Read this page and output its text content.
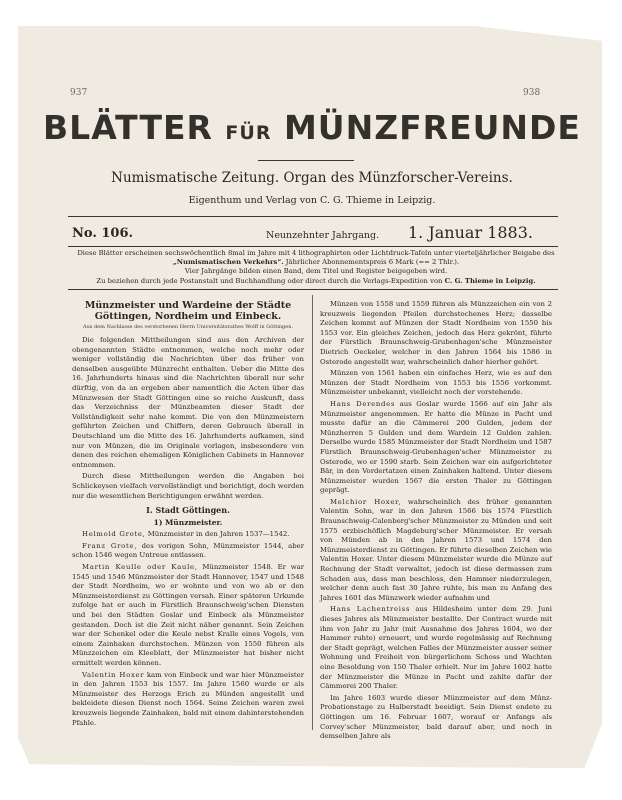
937	938
BLÄTTER FÜR MÜNZFREUNDE
Numismatische Zeitung. Organ des Münzforscher-Vereins.
Eigenthum und Verlag von C. G. Thieme in Leipzig.
No. 106.	Neunzehnter Jahrgang. 1. Januar 1883.

Diese Blätter erscheinen sechswöchentlich 8mal im Jahre mit 4 lithographirten oder Lichtdruck-Tafeln unter vierteljährlicher Beigabe des

„Numismatischen Verkehrs“. Jährlicher Abonnementspreis 6 Mark (== 2 Thlr.).

Vier Jahrgänge bilden einen Band, dem Titel und Register beigegeben wird.

Zu beziehen durch jede Postanstalt und Buchhandlung oder direct durch die Verlags-Expedition von C. G. Thieme in Leipzig.

Münzmeister und Wardeine der Städte Göttingen, Nordheim und Einbeck.
Aus dem Nachlasse des verstorbenen Herrn Universitätsrathes Wolff in Göttingen.

Die folgenden Mittheilungen sind aus den Archiven der obengenannten Städte entnommen, welche noch mehr oder weniger vollständig die Nachrichten über das früher von denselben ausgeübte Münzrecht enthalten. Ueber die Mitte des 16. Jahrhunderts hinaus sind die Nachrichten überall nur sehr dürftig, von da an ergeben aber namentlich die Acten über das Münzwesen der Stadt Göttingen eine so reiche Auskunft, dass das Verzeichniss der Münzbeamten dieser Stadt der Vollständigkeit sehr nahe kommt. Die von den Münzmeistern geführten Zeichen und Chiffern, deren Gebrauch überall in Deutschland um die Mitte des 16. Jahrhunderts aufkamen, sind nur von Münzen, die im Originale vorlagen, insbesondere von denen des reichen ehemaligen Königlichen Cabinets in Hannover entnommen.

Durch diese Mittheilungen werden die Angaben bei Schlickeysen vielfach vervollständigt und berichtigt, doch werden nur die wesentlichen Berichtigungen erwähnt werden.

I. Stadt Göttingen.
1) Münzmeister.

Helmold Grote, Münzmeister in den Jahren 1537—1542.

Franz Grote, des vorigen Sohn, Münzmeister 1544, aber schon 1546 wegen Untreue entlassen.

Martin Keulle oder Kaule, Münzmeister 1548. Er war 1545 und 1546 Münzmeister der Stadt Hannover, 1547 und 1548 der Stadt Nordheim, wo er wohnte und von wo ab er den Münzmeisterdienst zu Göttingen versah. Einer späteren Urkunde zufolge hat er auch in Fürstlich Braunschweig'schen Diensten und bei den Städten Goslar und Einbeck als Münzmeister gestanden. Doch ist die Zeit nicht näher genannt. Sein Zeichen war der Schenkel oder die Keule nebst Kralle eines Vogels, von einem Zainhaken durchstochen. Münzen von 1550 führen als Münzzeichen ein Kleeblatt, der Münzmeister hat bisher nicht ermittelt werden können.

Valentin Hoxer kam von Einbeck und war hier Münzmeister in den Jahren 1553 bis 1557. Im Jahre 1560 wurde er als Münzmeister des Herzogs Erich zu Münden angestellt und bekleidete diesen Dienst noch 1564. Seine Zeichen waren zwei kreuzweis liegende Zainhaken, bald mit einem dahinterstehenden Pfahle.

Münzen von 1558 und 1559 führen als Münzzeichen ein von 2 kreuzweis liegenden Pfeilen durchstochenes Herz; dasselbe Zeichen kommt auf Münzen der Stadt Nordheim von 1550 bis 1553 vor. Ein gleiches Zeichen, jedoch das Herz gekrönt, führte der Fürstlich Braunschweig-Grubenhagen'sche Münzmeister Dietrich Oeckeler, welcher in den Jahren 1564 bis 1586 in Osterode angestellt war, wahrscheinlich daher hierher gehört.

Münzen von 1561 haben ein einfaches Herz, wie es auf den Münzen der Stadt Nordheim von 1553 bis 1556 vorkommt. Münzmeister unbekannt, vielleicht noch der vorstehende.

Hans Derendes aus Goslar wurde 1566 auf ein Jahr als Münzmeister angenommen. Er hatte die Münze in Pacht und musste dafür an die Cämmerei 200 Gulden, jedem der Münzherren 5 Gulden und dem Wardein 12 Gulden zahlen. Derselbe wurde 1585 Münzmeister der Stadt Nordheim und 1587 Fürstlich Braunschweig-Grubenhagen'scher Münzmeister zu Osterode, wo er 1590 starb. Sein Zeichen war ein aufgerichteter Bär, in den Vordertatzen einen Zainhaken haltend. Unter diesem Münzmeister wurden 1567 die ersten Thaler zu Göttingen geprägt.

Melchior Hoxer, wahrscheinlich des früher genannten Valentin Sohn, war in den Jahren 1566 bis 1574 Fürstlich Braunschweig-Calenberg'scher Münzmeister zu Münden und seit 1575 erzbischöflich Magdeburg'scher Münzmeister. Er versah von Münden ab in den Jahren 1573 und 1574 den Münzmeisterdienst zu Göttingen. Er führte dieselben Zeichen wie Valentin Hoxer. Unter diesem Münzmeister wurde die Münze auf Rechnung der Stadt verwaltet, jedoch ist diese dermassen zum Schaden aus, dass man beschloss, den Hammer niederzulegen, welcher denn auch fast 30 Jahre ruhte, bis man zu Anfang des Jahres 1601 das Münzwerk wieder aufnahm und

Hans Lachentreiss aus Hildesheim unter dem 29. Juni dieses Jahres als Münzmeister bestallte. Der Contract wurde mit ihm von Jahr zu Jahr (mit Ausnahme des Jahres 1604, wo der Hammer ruhte) erneuert, und wurde regelmässig auf Rechnung der Stadt geprägt, welchen Falles der Münzmeister ausser seiner Wohnung und Freiheit von bürgerlichem Schoss und Wachten eine Besoldung von 150 Thaler erhielt. Nur im Jahre 1602 hatte der Münzmeister die Münze in Pacht und zahlte dafür der Cämmerei 200 Thaler.

Im Jahre 1603 wurde dieser Münzmeister auf dem Münz-Probationstage zu Halberstadt beeidigt. Sein Dienst endete zu Göttingen um 16. Februar 1607, worauf er Anfangs als Corvey'scher Münzmeister, bald darauf aber, und noch in demselben Jahre als
